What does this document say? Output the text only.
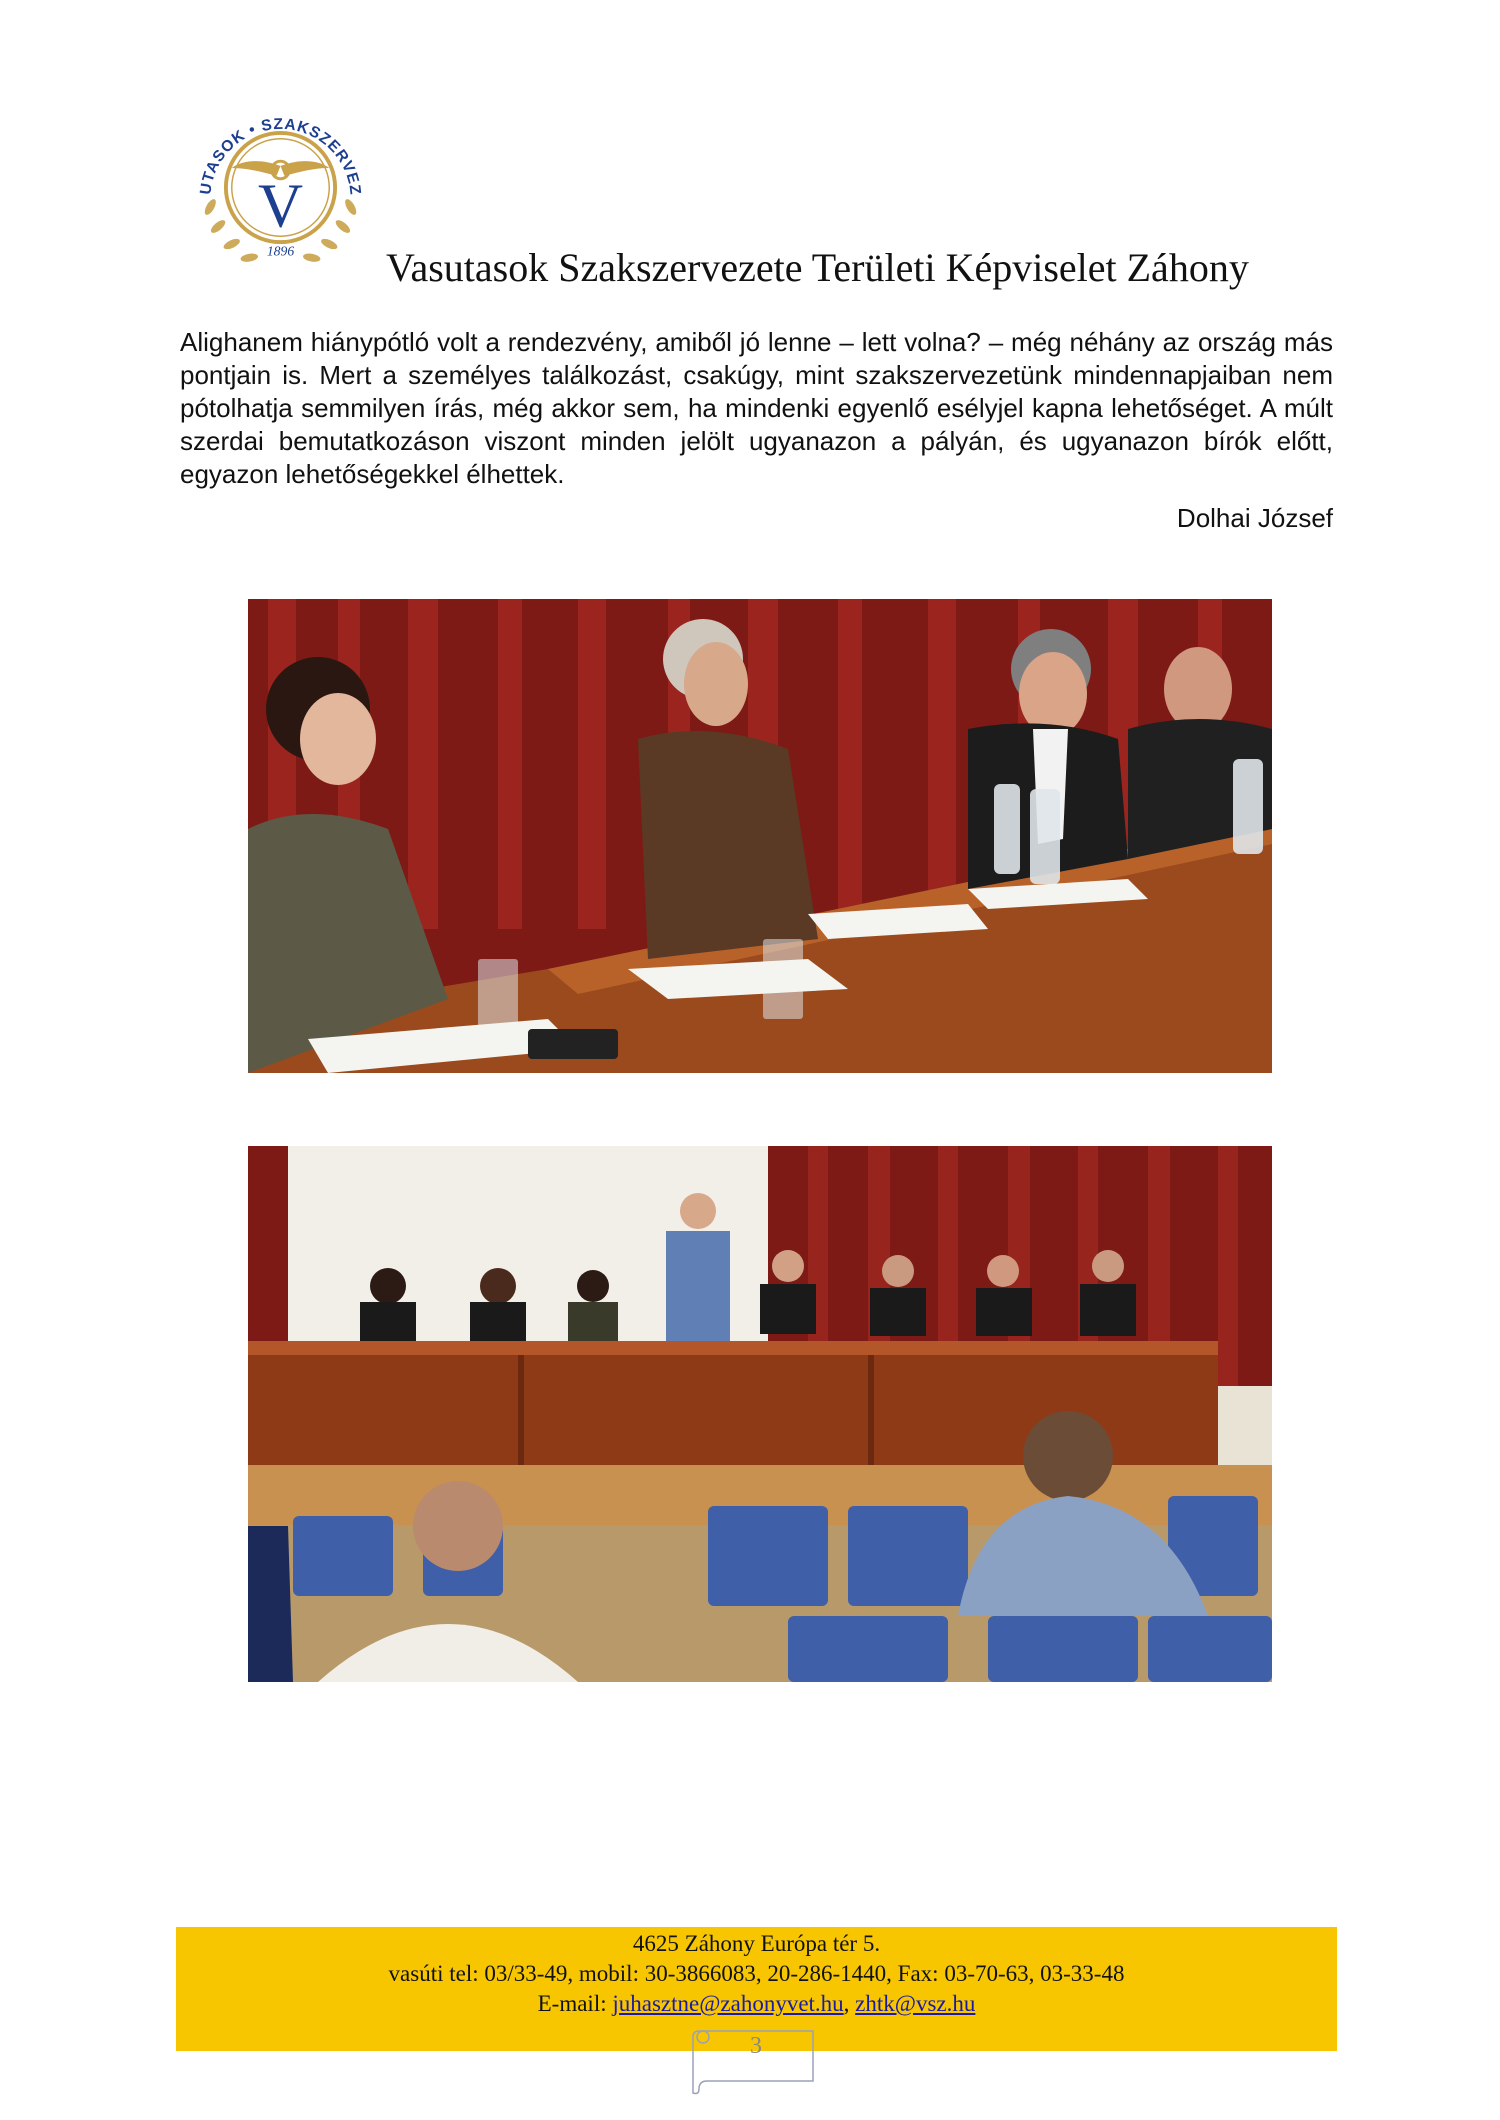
V
UTASOK • SZAKSZERVEZ
1896 Vasutasok Szakszervezete Területi Képviselet Záhony

Alighanem hiánypótló volt a rendezvény, amiből jó lenne – lett volna? – még néhány az ország más pontjain is. Mert a személyes találkozást, csakúgy, mint szakszervezetünk mindennapjaiban nem pótolhatja semmilyen írás, még akkor sem, ha mindenki egyenlő esélyjel kapna lehetőséget. A múlt szerdai bemutatkozáson viszont minden jelölt ugyanazon a pályán, és ugyanazon bírók előtt, egyazon lehetőségekkel élhettek.

Dolhai József
4625 Záhony Európa tér 5.
vasúti tel: 03/33-49, mobil: 30-3866083, 20-286-1440, Fax: 03-70-63, 03-33-48
E-mail: juhasztne@zahonyvet.hu, zhtk@vsz.hu
3
